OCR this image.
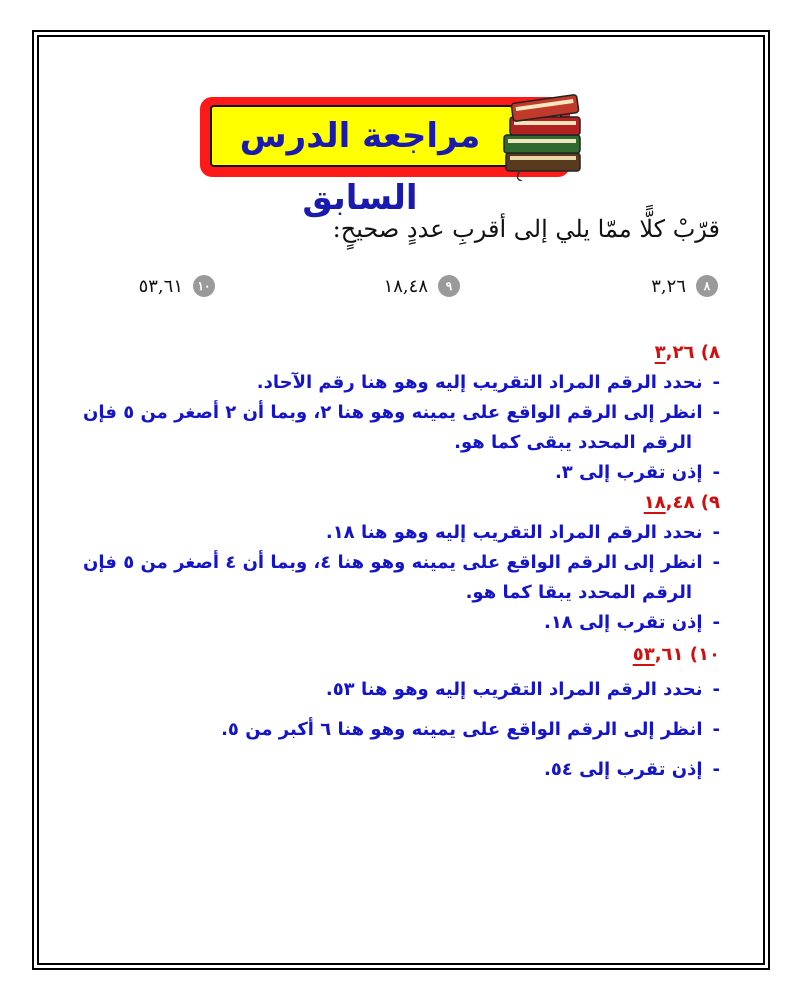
مراجعة الدرس السابق
قرّبْ كلًّا ممّا يلي إلى أقربِ عددٍ صحيحٍ:
٨
٣,٢٦
٩
١٨,٤٨
١٠
٥٣,٦١
٨) ٣,٢٦
-نحدد الرقم المراد التقريب إليه وهو هنا رقم الآحاد.
-انظر إلى الرقم الواقع على يمينه وهو هنا ٢، وبما أن ٢ أصغر من ٥ فإن
الرقم المحدد يبقى كما هو.
-إذن تقرب إلى ٣.
٩) ١٨,٤٨
-نحدد الرقم المراد التقريب إليه وهو هنا ١٨.
-انظر إلى الرقم الواقع على يمينه وهو هنا ٤، وبما أن ٤ أصغر من ٥ فإن
الرقم المحدد يبقا كما هو.
-إذن تقرب إلى ١٨.
١٠) ٥٣,٦١
-نحدد الرقم المراد التقريب إليه وهو هنا ٥٣.
-انظر إلى الرقم الواقع على يمينه وهو هنا ٦ أكبر من ٥.
-إذن تقرب إلى ٥٤.
